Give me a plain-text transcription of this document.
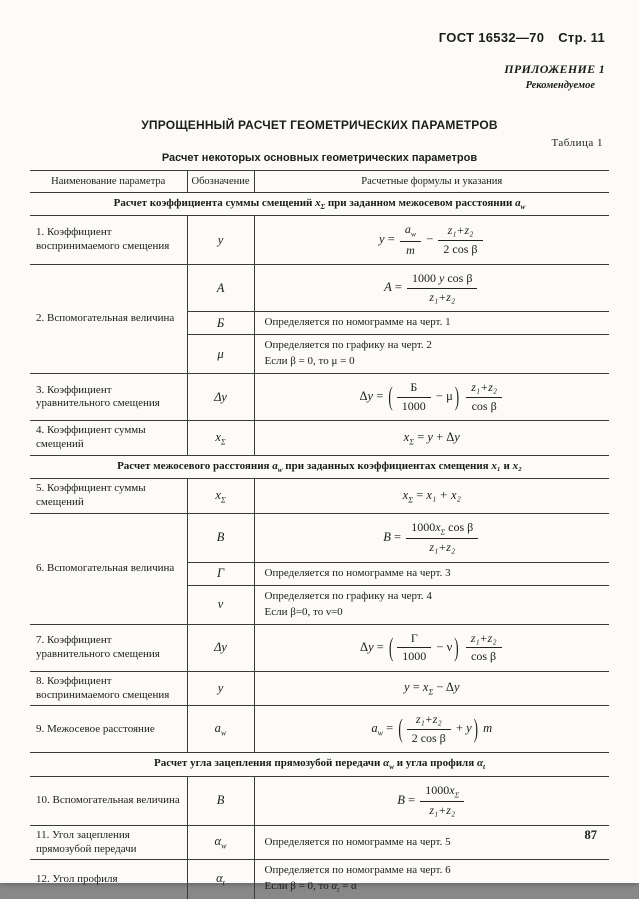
ГОСТ 16532—70 Стр. 11
ПРИЛОЖЕНИЕ 1
Рекомендуемое
УПРОЩЕННЫЙ РАСЧЕТ ГЕОМЕТРИЧЕСКИХ ПАРАМЕТРОВ
Таблица 1
Расчет некоторых основных геометрических параметров
Наименование параметра	Обозначение	Расчетные формулы и указания
Расчет коэффициента суммы смещений $x_\Sigma$ при заданном межосевом расстоянии $a_w$
1. Коэффициент воспринимаемого смещения	y	$y = \frac{a_w}{m} - \frac{\text{z₁+z₂}}{\text{2 cos β}}$

2. Вспомогательная величина	A	$A = \frac{\text{1000 y cos β}}{\text{z₁+z₂}}$

	Б	Определяется по номограмме на черт. 1

	μ	Определяется по графику на черт. 2
Если β = 0, то μ = 0

3. Коэффициент уравнительного смещения	Δy	Δy = ( $\frac{Б}{1000} - \mu$ ) $\frac{\text{z₁+z₂}}{\text{cos β}}$

4. Коэффициент суммы смещений	$x_\Sigma$	$x_\Sigma = y + \Delta y$
Расчет межосевого расстояния $a_w$ при заданных коэффициентах смещения x₁ и x₂		
5. Коэффициент суммы смещений	$x_\Sigma$	$x_\Sigma = x_1 + x_2$
6. Вспомогательная величина	B	$B = \frac{1000x_\Sigma \cos \beta}{\text{z₁+z₂}}$

	Г	Определяется по номограмме на черт. 3

	ν	Определяется по графику на черт. 4
Если β=0, то ν=0

7. Коэффициент уравнительного смещения	Δy	Δy = ( $\frac{Г}{1000} - \nu$ ) $\frac{\text{z₁+z₂}}{\text{cos β}}$

8. Коэффициент воспринимаемого смещения	y	$y = x_\Sigma - \Delta y$
9. Межосевое расстояние	$a_w$	$a_w$ = ( $\frac{\text{z₁+z₂}}{\text{2 cos β}} + y$ ) m
Расчет угла зацепления прямозубой передачи $\alpha_w$ и угла профиля $\alpha_t$
10. Вспомогательная величина	B	$B = \frac{1000x_\Sigma}{\text{z₁+z₂}}$

11. Угол зацепления прямозубой передачи	$\alpha_w$	Определяется по номограмме на черт. 5

12. Угол профиля	$\alpha_t$	Определяется по номограмме на черт. 6
Если β = 0, то $\alpha_t = \alpha$
87
